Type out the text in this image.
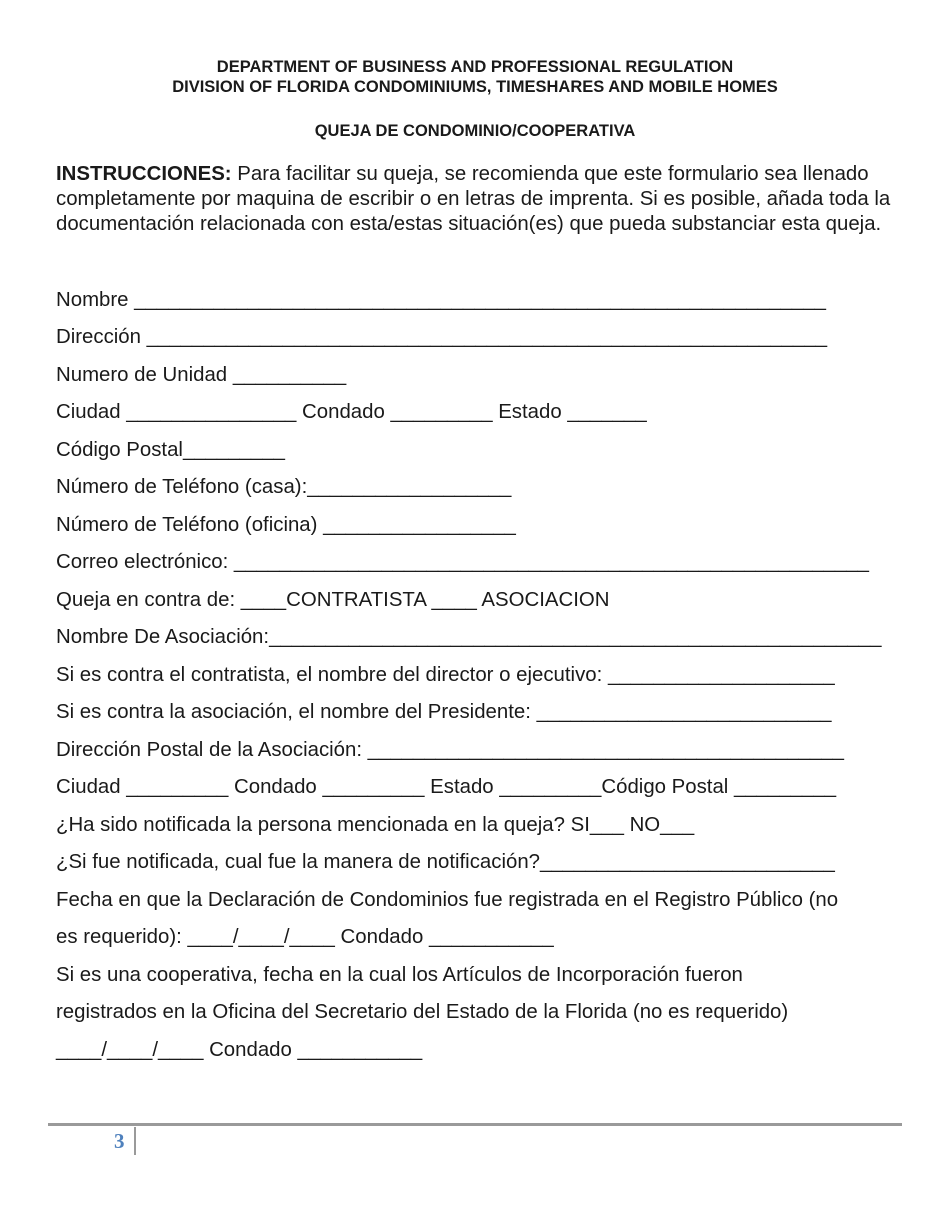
DEPARTMENT OF BUSINESS AND PROFESSIONAL REGULATION
DIVISION OF FLORIDA CONDOMINIUMS, TIMESHARES AND MOBILE HOMES
QUEJA DE CONDOMINIO/COOPERATIVA

INSTRUCCIONES: Para facilitar su queja, se recomienda que este formulario sea llenado completamente por maquina de escribir o en letras de imprenta. Si es posible, añada toda la documentación relacionada con esta/estas situación(es) que pueda substanciar esta queja.

Nombre _____________________________________________________________
Dirección ____________________________________________________________
Numero de Unidad __________
Ciudad _______________ Condado _________ Estado _______
Código Postal_________
Número de Teléfono (casa):__________________
Número de Teléfono (oficina) _________________
Correo electrónico: ________________________________________________________
Queja en contra de: ____CONTRATISTA ____ ASOCIACION
Nombre De Asociación:______________________________________________________
Si es contra el contratista, el nombre del director o ejecutivo: ____________________
Si es contra la asociación, el nombre del Presidente: __________________________
Dirección Postal de la Asociación: __________________________________________
Ciudad _________ Condado _________ Estado _________Código Postal _________
¿Ha sido notificada la persona mencionada en la queja? SI___ NO___
¿Si fue notificada, cual fue la manera de notificación?__________________________
Fecha en que la Declaración de Condominios fue registrada en el Registro Público (no
es requerido): ____/____/____ Condado ___________
Si es una cooperativa, fecha en la cual los Artículos de Incorporación fueron
registrados en la Oficina del Secretario del Estado de la Florida (no es requerido)
____/____/____ Condado ___________
3
